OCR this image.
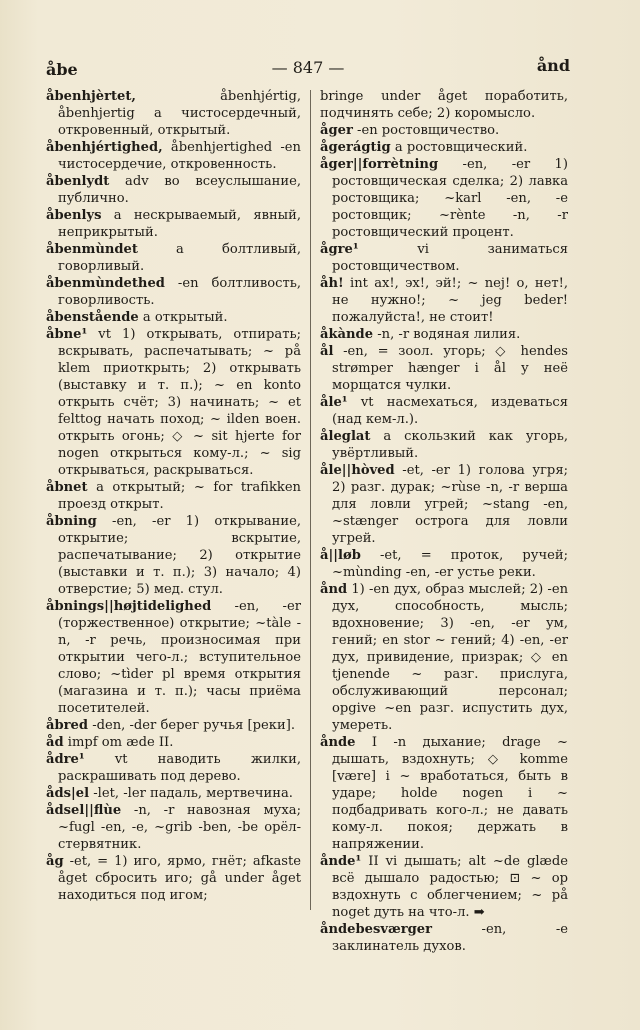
åbe	— 847 —	ånd

åbenhjèrtet, åbenhjértig, åbenhjertig a чистосердечный, откровенный, открытый.

åbenhjértighed, åbenhjertighed -en чистосердечие, откровенность.

åbenlydt adv во всеуслышание, публично.

åbenlys a нескрываемый, явный, неприкрытый.

åbenmùndet a болтливый, говорливый.

åbenmùndethed -en болтливость, говорливость.

åbenstående a открытый.

åbne¹ vt 1) открывать, отпирать; вскрывать, распечатывать; ~ på klem приоткрыть; 2) открывать (выставку и т. п.); ~ en konto открыть счёт; 3) начинать; ~ et felttog начать поход; ~ ilden воен. открыть огонь; ◇ ~ sit hjerte for nogen открыться кому-л.; ~ sig открываться, раскрываться.

åbnet a открытый; ~ for trafikken проезд открыт.

åbning -en, -er 1) открывание, открытие; вскрытие, распечатывание; 2) открытие (выставки и т. п.); 3) начало; 4) отверстие; 5) мед. стул.

åbnings||højtidelighed -en, -er (торжественное) открытие; ~tàle -n, -r речь, произносимая при открытии чего-л.; вступительное слово; ~tìder pl время открытия (магазина и т. п.); часы приёма посетителей.

åbred -den, -der берег ручья [реки].

åd impf om æde II.

ådre¹ vt наводить жилки, раскрашивать под дерево.

åds|el -let, -ler падаль, мертвечина.

ådsel||flùe -n, -r навозная муха; ~fugl -en, -e, ~grib -ben, -be орёл-стервятник.

åg -et, = 1) иго, ярмо, гнёт; afkaste åget сбросить иго; gå under åget находиться под игом;

bringe under åget поработить, подчинять себе; 2) коромысло.

åger -en ростовщичество.

ågerágtig a ростовщический.

åger||forrètning -en, -er 1) ростовщическая сделка; 2) лавка ростовщика; ~karl -en, -e ростовщик; ~rènte -n, -r ростовщический процент.

ågre¹ vi заниматься ростовщичеством.

åh! int ах!, эх!, эй!; ~ nej! о, нет!, не нужно!; ~ jeg beder! пожалуйста!, не стоит!

åkànde -n, -r водяная лилия.

ål -en, = зоол. угорь; ◇ hendes strømper hænger i ål у неё морщатся чулки.

åle¹ vt насмехаться, издеваться (над кем-л.).

åleglat a скользкий как угорь, увёртливый.

åle||hòved -et, -er 1) голова угря; 2) разг. дурак; ~rùse -n, -r верша для ловли угрей; ~stang -en, ~stænger острога для ловли угрей.

å||løb -et, = проток, ручей; ~mùnding -en, -er устье реки.

ånd 1) -en дух, образ мыслей; 2) -en дух, способность, мысль; вдохновение; 3) -en, -er ум, гений; en stor ~ гений; 4) -en, -er дух, привидение, призрак; ◇ en tjenende ~ разг. прислуга, обслуживающий персонал; opgive ~en разг. испустить дух, умереть.

ånde I -n дыхание; drage ~ дышать, вздохнуть; ◇ komme [være] i ~ вработаться, быть в ударе; holde nogen i ~ подбадривать кого-л.; не давать кому-л. покоя; держать в напряжении.

ånde¹ II vi дышать; alt ~de glæde всё дышало радостью; ⊡ ~ op вздохнуть с облегчением; ~ på noget дуть на что-л. ➡

åndebesværger -en, -e заклинатель духов.
